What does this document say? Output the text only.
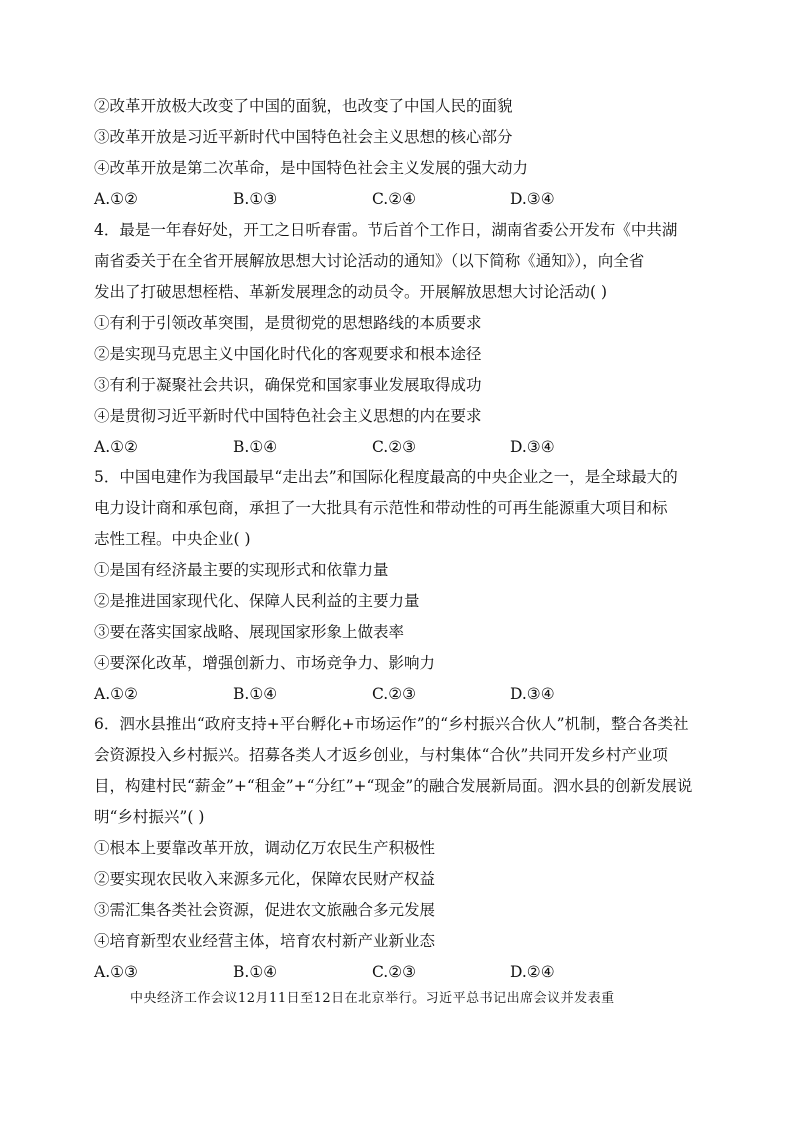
②改革开放极大改变了中国的面貌，也改变了中国人民的面貌
③改革开放是习近平新时代中国特色社会主义思想的核心部分
④改革开放是第二次革命，是中国特色社会主义发展的强大动力
A.①②	B.①③	C.②④	D.③④
4．最是一年春好处，开工之日听春雷。节后首个工作日，湖南省委公开发布《中共湖
南省委关于在全省开展解放思想大讨论活动的通知》（以下简称《通知》），向全省
发出了打破思想桎梏、革新发展理念的动员令。开展解放思想大讨论活动( )
①有利于引领改革突围，是贯彻党的思想路线的本质要求
②是实现马克思主义中国化时代化的客观要求和根本途径
③有利于凝聚社会共识，确保党和国家事业发展取得成功
④是贯彻习近平新时代中国特色社会主义思想的内在要求
A.①②	B.①④	C.②③	D.③④
5．中国电建作为我国最早“走出去”和国际化程度最高的中央企业之一，是全球最大的
电力设计商和承包商，承担了一大批具有示范性和带动性的可再生能源重大项目和标
志性工程。中央企业( )
①是国有经济最主要的实现形式和依靠力量
②是推进国家现代化、保障人民利益的主要力量
③要在落实国家战略、展现国家形象上做表率
④要深化改革，增强创新力、市场竞争力、影响力
A.①②	B.①④	C.②③	D.③④
6．泗水县推出“政府支持+平台孵化+市场运作”的“乡村振兴合伙人”机制，整合各类社
会资源投入乡村振兴。招募各类人才返乡创业，与村集体“合伙”共同开发乡村产业项
目，构建村民“薪金”+“租金”+“分红”+“现金”的融合发展新局面。泗水县的创新发展说
明“乡村振兴”( )
①根本上要靠改革开放，调动亿万农民生产积极性
②要实现农民收入来源多元化，保障农民财产权益
③需汇集各类社会资源，促进农文旅融合多元发展
④培育新型农业经营主体，培育农村新产业新业态
A.①③	B.①④	C.②③	D.②④
中央经济工作会议12月11日至12日在北京举行。习近平总书记出席会议并发表重
